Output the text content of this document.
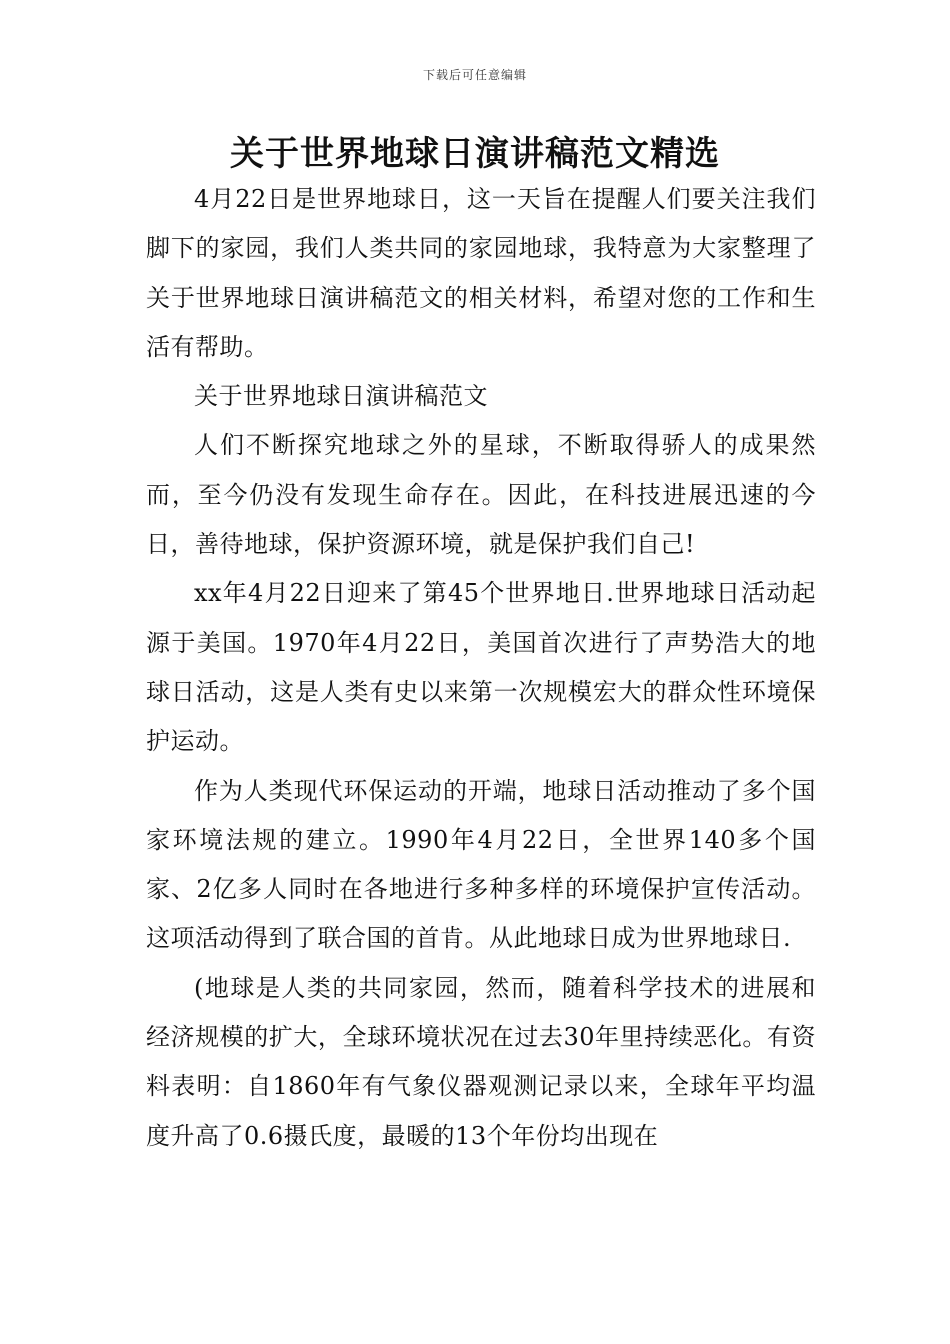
下载后可任意编辑
关于世界地球日演讲稿范文精选

4月22日是世界地球日，这一天旨在提醒人们要关注我们脚下的家园，我们人类共同的家园地球，我特意为大家整理了关于世界地球日演讲稿范文的相关材料，希望对您的工作和生活有帮助。

关于世界地球日演讲稿范文

人们不断探究地球之外的星球，不断取得骄人的成果然而，至今仍没有发现生命存在。因此，在科技进展迅速的今日，善待地球，保护资源环境，就是保护我们自己!

xx年4月22日迎来了第45个世界地日.世界地球日活动起源于美国。1970年4月22日，美国首次进行了声势浩大的地球日活动，这是人类有史以来第一次规模宏大的群众性环境保护运动。

作为人类现代环保运动的开端，地球日活动推动了多个国家环境法规的建立。1990年4月22日，全世界140多个国家、2亿多人同时在各地进行多种多样的环境保护宣传活动。这项活动得到了联合国的首肯。从此地球日成为世界地球日.

(地球是人类的共同家园，然而，随着科学技术的进展和经济规模的扩大，全球环境状况在过去30年里持续恶化。有资料表明：自1860年有气象仪器观测记录以来，全球年平均温度升高了0.6摄氏度，最暖的13个年份均出现在
